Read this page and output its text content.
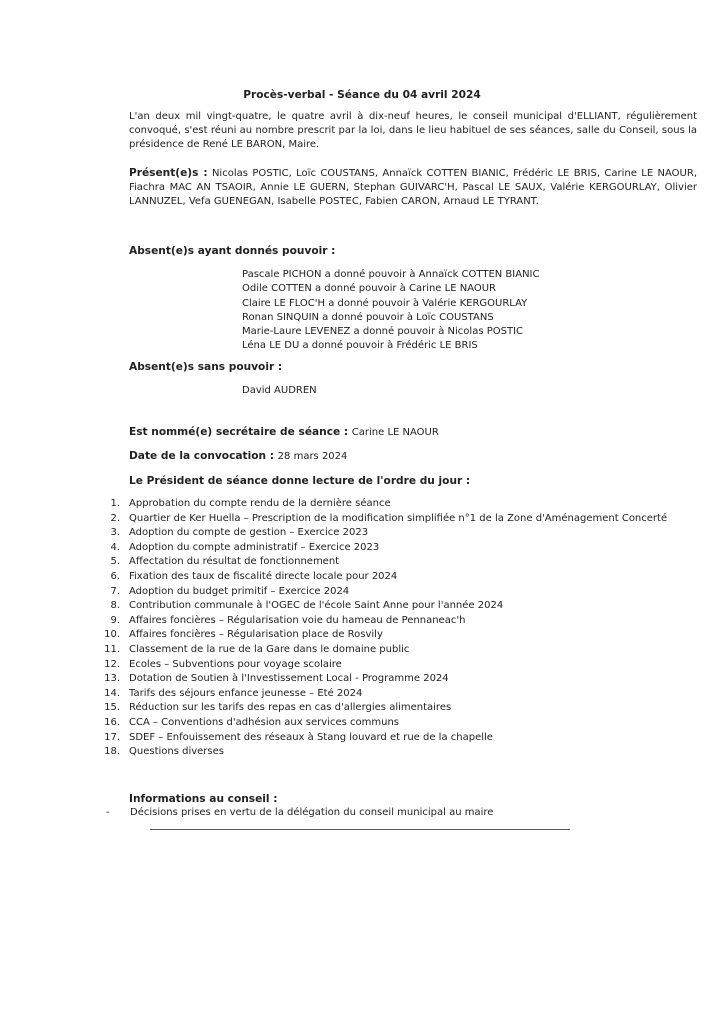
Procès-verbal - Séance du 04 avril 2024
L'an deux mil vingt-quatre, le quatre avril à dix-neuf heures, le conseil municipal d'ELLIANT, régulièrement convoqué, s'est réuni au nombre prescrit par la loi, dans le lieu habituel de ses séances, salle du Conseil, sous la présidence de René LE BARON, Maire.
Présent(e)s : Nicolas POSTIC, Loïc COUSTANS, Annaïck COTTEN BIANIC, Frédéric LE BRIS, Carine LE NAOUR, Fiachra MAC AN TSAOIR, Annie LE GUERN, Stephan GUIVARC'H, Pascal LE SAUX, Valérie KERGOURLAY, Olivier LANNUZEL, Vefa GUENEGAN, Isabelle POSTEC, Fabien CARON, Arnaud LE TYRANT.
Absent(e)s ayant donnés pouvoir :
Pascale PICHON a donné pouvoir à Annaïck COTTEN BIANIC
Odile COTTEN a donné pouvoir à Carine LE NAOUR
Claire LE FLOC'H a donné pouvoir à Valérie KERGOURLAY
Ronan SINQUIN a donné pouvoir à Loïc COUSTANS
Marie-Laure LEVENEZ a donné pouvoir à Nicolas POSTIC
Léna LE DU a donné pouvoir à Frédéric LE BRIS
Absent(e)s sans pouvoir :
David AUDREN
Est nommé(e) secrétaire de séance : Carine LE NAOUR
Date de la convocation : 28 mars 2024
Le Président de séance donne lecture de l'ordre du jour :
1. Approbation du compte rendu de la dernière séance
2. Quartier de Ker Huella – Prescription de la modification simplifiée n°1 de la Zone d'Aménagement Concerté
3. Adoption du compte de gestion – Exercice 2023
4. Adoption du compte administratif – Exercice 2023
5. Affectation du résultat de fonctionnement
6. Fixation des taux de fiscalité directe locale pour 2024
7. Adoption du budget primitif – Exercice 2024
8. Contribution communale à l'OGEC de l'école Saint Anne pour l'année 2024
9. Affaires foncières – Régularisation voie du hameau de Pennaneac'h
10. Affaires foncières – Régularisation place de Rosvily
11. Classement de la rue de la Gare dans le domaine public
12. Ecoles – Subventions pour voyage scolaire
13. Dotation de Soutien à l'Investissement Local - Programme 2024
14. Tarifs des séjours enfance jeunesse – Eté 2024
15. Réduction sur les tarifs des repas en cas d'allergies alimentaires
16. CCA – Conventions d'adhésion aux services communs
17. SDEF – Enfouissement des réseaux à Stang louvard et rue de la chapelle
18. Questions diverses
Informations au conseil :
- Décisions prises en vertu de la délégation du conseil municipal au maire
